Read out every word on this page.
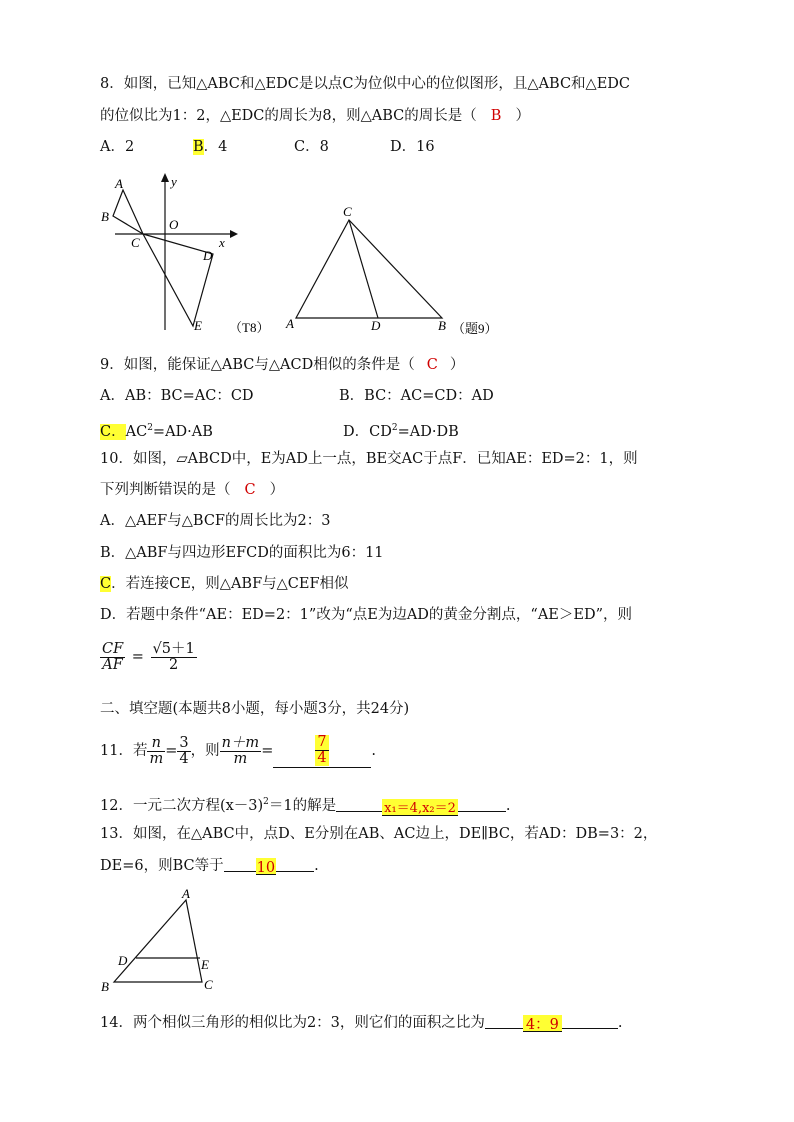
8．如图，已知△ABC和△EDC是以点C为位似中心的位似图形，且△ABC和△EDC
的位似比为1：2，△EDC的周长为8，则△ABC的周长是（ B ）
A．2	B．4	C．8	D．16
A
B
C
O
x
y
D
E （T8）
C
A	D	B （题9）
9．如图，能保证△ABC与△ACD相似的条件是（ C ）
A．AB：BC=AC：CD	B．BC：AC=CD：AD
C．$AC^2=AD\cdot AB$	D．$CD^2=AD\cdot DB$
10．如图，▱ABCD中，E为AD上一点，BE交AC于点F．已知AE：ED=2：1，则
下列判断错误的是（ C ）
A．△AEF与△BCF的周长比为2：3
B．△ABF与四边形EFCD的面积比为6：11
C．若连接CE，则△ABF与△CEF相似
D．若题中条件“AE：ED=2：1”改为“点E为边AD的黄金分割点，“AE＞ED”，则
$\frac{CF}{AF} = \frac{√5+1}{2}$
二、填空题(本题共8小题，每小题3分，共24分)
11．若 $\frac{n}{m} = \frac{3}{4}$ ，则 $\frac{n+m}{m}$ =	$\frac{7}{4}$	.
12．一元二次方程$(x-3)^2=1$的解是	x₁＝4,x₂＝2	.
13．如图，在△ABC中，点D、E分别在AB、AC边上，DE∥BC，若AD：DB=3：2，
DE=6，则BC等于 10	.
A
D	E
B	C
14．两个相似三角形的相似比为2：3，则它们的面积之比为	4：9	.
